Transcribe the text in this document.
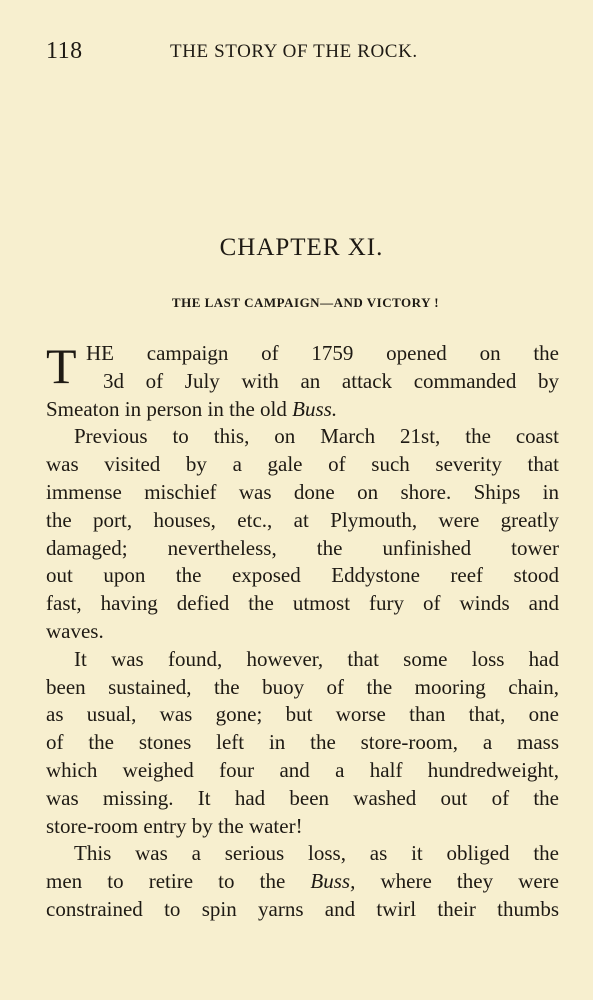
118	THE STORY OF THE ROCK.
CHAPTER XI.
THE LAST CAMPAIGN—AND VICTORY !
T HE campaign of 1759 opened on the
3d of July with an attack commanded by
Smeaton in person in the old Buss.
Previous to this, on March 21st, the coast
was visited by a gale of such severity that
immense mischief was done on shore. Ships in
the port, houses, etc., at Plymouth, were greatly
damaged; nevertheless, the unfinished tower
out upon the exposed Eddystone reef stood
fast, having defied the utmost fury of winds and
waves.
It was found, however, that some loss had
been sustained, the buoy of the mooring chain,
as usual, was gone; but worse than that, one
of the stones left in the store-room, a mass
which weighed four and a half hundredweight,
was missing. It had been washed out of the
store-room entry by the water!
This was a serious loss, as it obliged the
men to retire to the Buss, where they were
constrained to spin yarns and twirl their thumbs
